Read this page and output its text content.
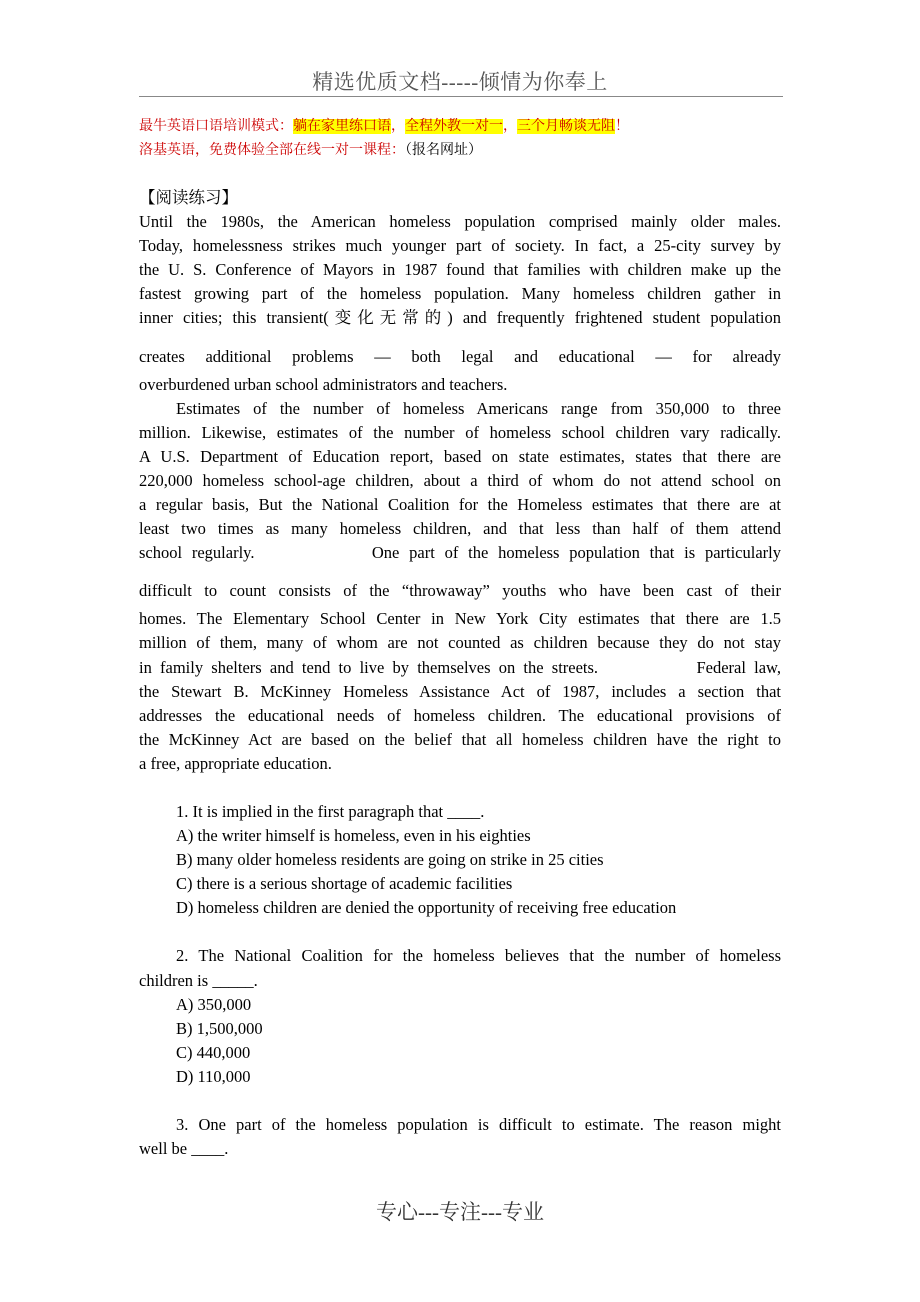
精选优质文档-----倾情为你奉上
最牛英语口语培训模式：躺在家里练口语，全程外教一对一，三个月畅谈无阻！
洛基英语，免费体验全部在线一对一课程：（报名网址）
【阅读练习】
Until the 1980s, the American homeless population comprised mainly older males.
Today, homelessness strikes much younger part of society. In fact, a 25-city survey by
the U. S. Conference of Mayors in 1987 found that families with children make up the
fastest growing part of the homeless population. Many homeless children gather in
inner cities; this transient(变化无常的) and frequently frightened student population
creates additional problems — both legal and educational — for already
overburdened urban school administrators and teachers.
Estimates of the number of homeless Americans range from 350,000 to three
million. Likewise, estimates of the number of homeless school children vary radically.
A U.S. Department of Education report, based on state estimates, states that there are
220,000 homeless school-age children, about a third of whom do not attend school on
a regular basis, But the National Coalition for the Homeless estimates that there are at
least two times as many homeless children, and that less than half of them attend
school regularly.            One part of the homeless population that is particularly
difficult to count consists of the “throwaway” youths who have been cast of their
homes. The Elementary School Center in New York City estimates that there are 1.5
million of them, many of whom are not counted as children because they do not stay
in family shelters and tend to live by themselves on the streets.            Federal law,
the Stewart B. McKinney Homeless Assistance Act of 1987, includes a section that
addresses the educational needs of homeless children. The educational provisions of
the McKinney Act are based on the belief that all homeless children have the right to
a free, appropriate education.
1. It is implied in the first paragraph that ____.
A) the writer himself is homeless, even in his eighties
B) many older homeless residents are going on strike in 25 cities
C) there is a serious shortage of academic facilities
D) homeless children are denied the opportunity of receiving free education
2. The National Coalition for the homeless believes that the number of homeless
children is _____.
A) 350,000
B) 1,500,000
C) 440,000
D) 110,000
3. One part of the homeless population is difficult to estimate. The reason might
well be ____.
专心---专注---专业
